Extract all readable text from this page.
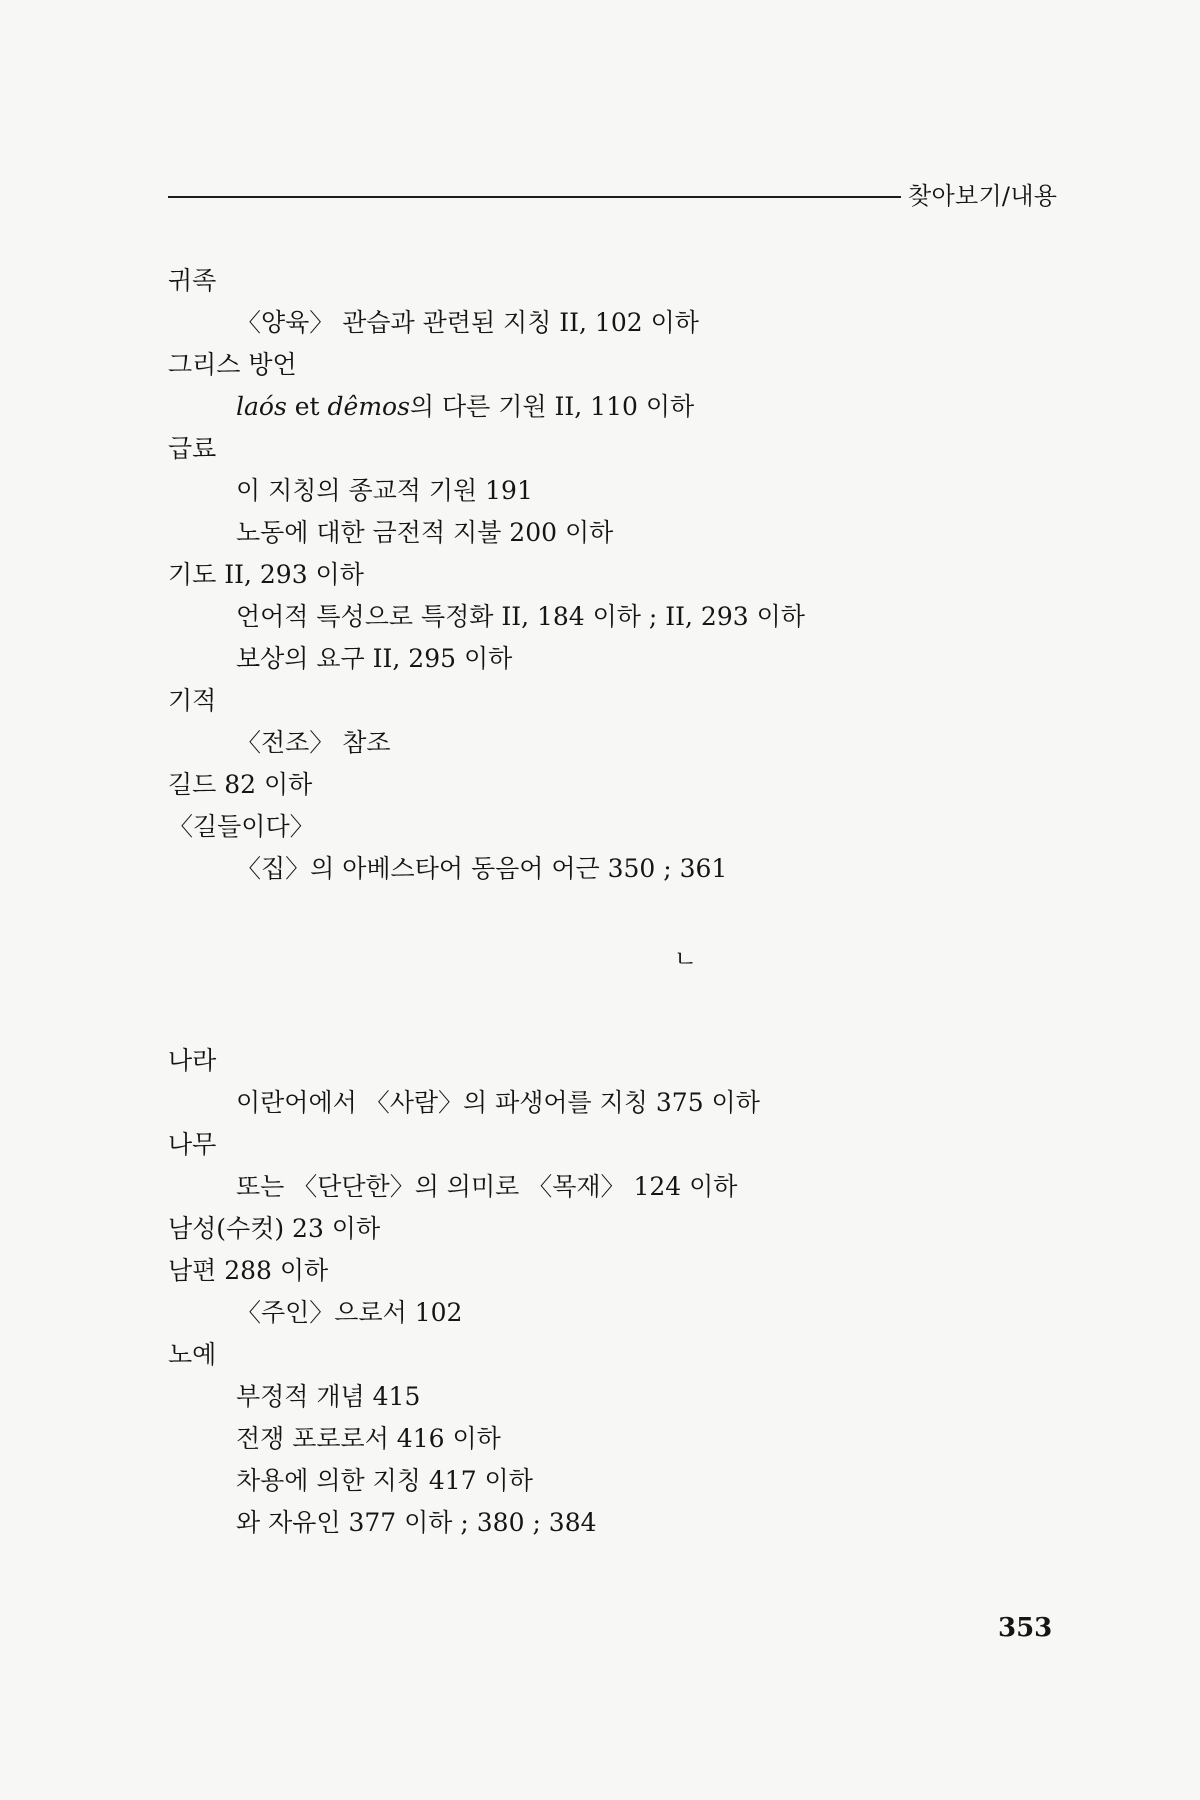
찾아보기/내용
귀족
〈양육〉 관습과 관련된 지칭 II, 102 이하
그리스 방언
laós et dêmos의 다른 기원 II, 110 이하
급료
이 지칭의 종교적 기원 191
노동에 대한 금전적 지불 200 이하
기도 II, 293 이하
언어적 특성으로 특정화 II, 184 이하 ; II, 293 이하
보상의 요구 II, 295 이하
기적
〈전조〉 참조
길드 82 이하
〈길들이다〉
〈집〉의 아베스타어 동음어 어근 350 ; 361
ㄴ
나라
이란어에서 〈사람〉의 파생어를 지칭 375 이하
나무
또는 〈단단한〉의 의미로 〈목재〉 124 이하
남성(수컷) 23 이하
남편 288 이하
〈주인〉으로서 102
노예
부정적 개념 415
전쟁 포로로서 416 이하
차용에 의한 지칭 417 이하
와 자유인 377 이하 ; 380 ; 384
353
